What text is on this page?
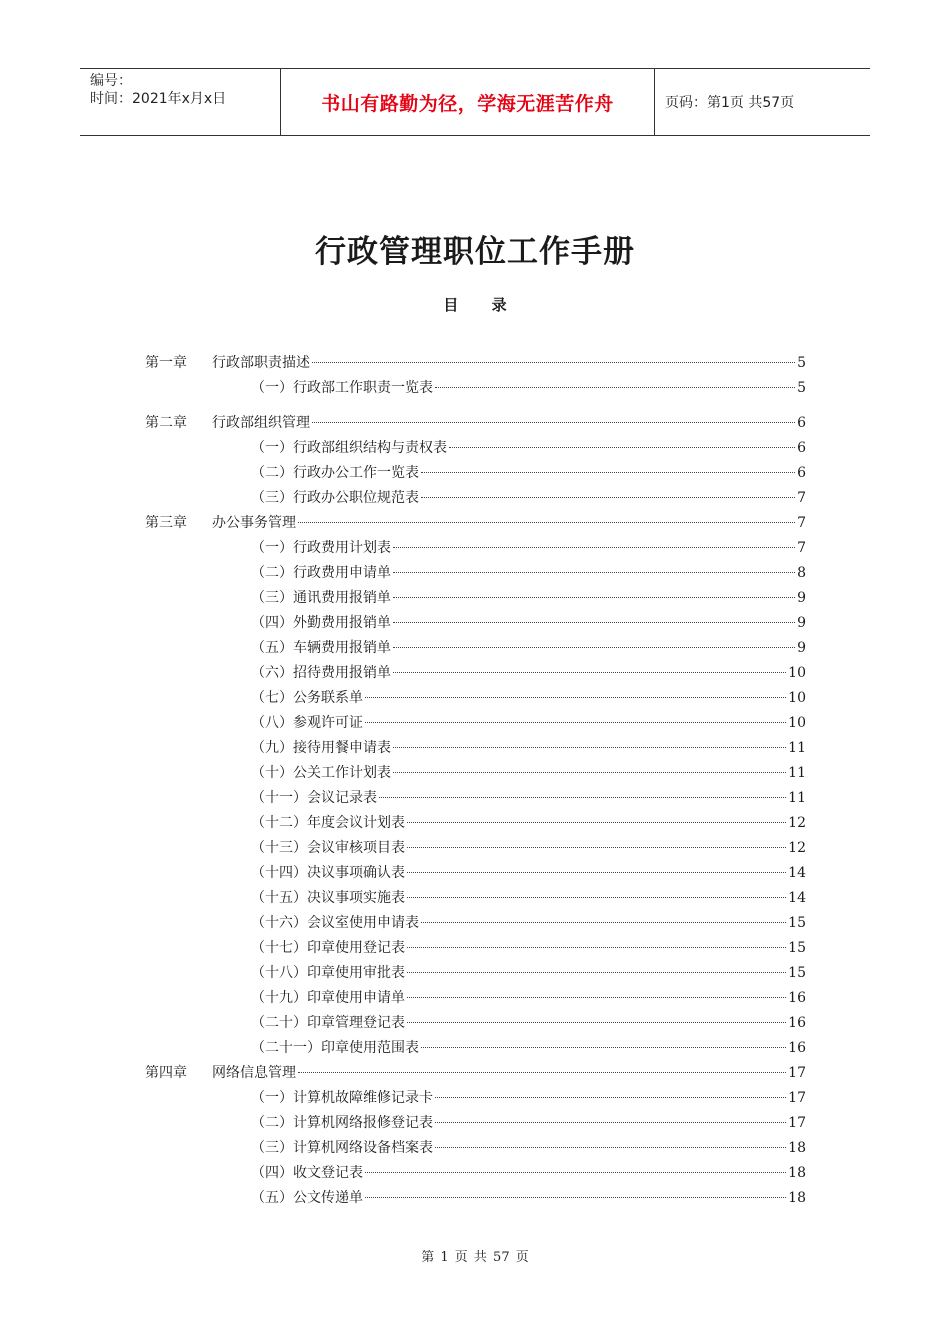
编号：
时间：2021年x月x日	书山有路勤为径，学海无涯苦作舟	页码：第1页 共57页
行政管理职位工作手册
目 录
第一章	行政部职责描述	5
（一）行政部工作职责一览表	5
第二章	行政部组织管理	6
（一）行政部组织结构与责权表	6
（二）行政办公工作一览表	6
（三）行政办公职位规范表	7
第三章	办公事务管理	7
（一）行政费用计划表	7
（二）行政费用申请单	8
（三）通讯费用报销单	9
（四）外勤费用报销单	9
（五）车辆费用报销单	9
（六）招待费用报销单	10
（七）公务联系单	10
（八）参观许可证	10
（九）接待用餐申请表	11
（十）公关工作计划表	11
（十一）会议记录表	11
（十二）年度会议计划表	12
（十三）会议审核项目表	12
（十四）决议事项确认表	14
（十五）决议事项实施表	14
（十六）会议室使用申请表	15
（十七）印章使用登记表	15
（十八）印章使用审批表	15
（十九）印章使用申请单	16
（二十）印章管理登记表	16
（二十一）印章使用范围表	16
第四章	网络信息管理	17
（一）计算机故障维修记录卡	17
（二）计算机网络报修登记表	17
（三）计算机网络设备档案表	18
（四）收文登记表	18
（五）公文传递单	18
第 1 页 共 57 页
